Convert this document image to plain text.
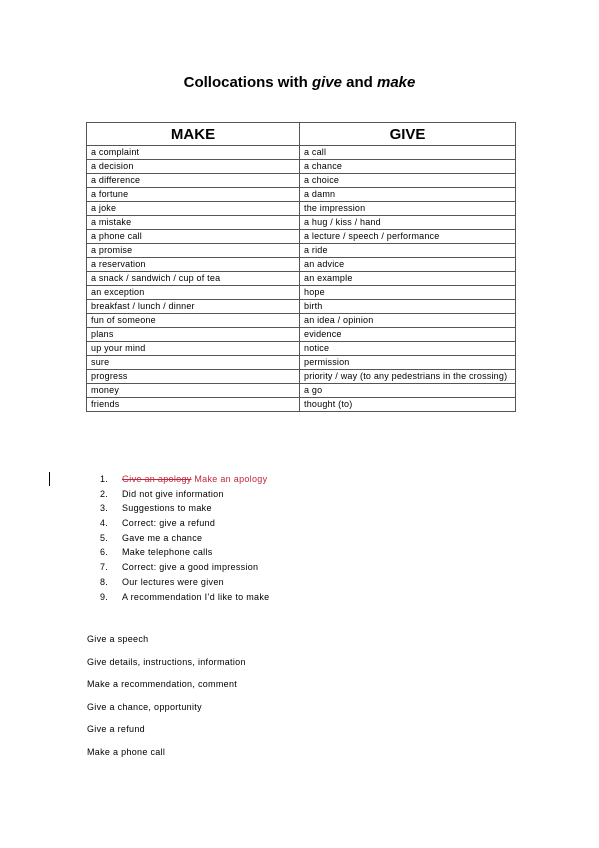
Collocations with give and make
MAKE	GIVE
a complaint	a call
a decision	a chance
a difference	a choice
a fortune	a damn
a joke	the impression
a mistake	a hug / kiss / hand
a phone call	a lecture / speech / performance
a promise	a ride
a reservation	an advice
a snack / sandwich / cup of tea	an example
an exception	hope
breakfast / lunch / dinner	birth
fun of someone	an idea / opinion
plans	evidence
up your mind	notice
sure	permission
progress	priority / way (to any pedestrians in the crossing)
money	a go
friends	thought (to)
1. Give an apology Make an apology
2. Did not give information
3. Suggestions to make
4. Correct: give a refund
5. Gave me a chance
6. Make telephone calls
7. Correct: give a good impression
8. Our lectures were given
9. A recommendation I’d like to make

Give a speech

Give details, instructions, information

Make a recommendation, comment

Give a chance, opportunity

Give a refund

Make a phone call
